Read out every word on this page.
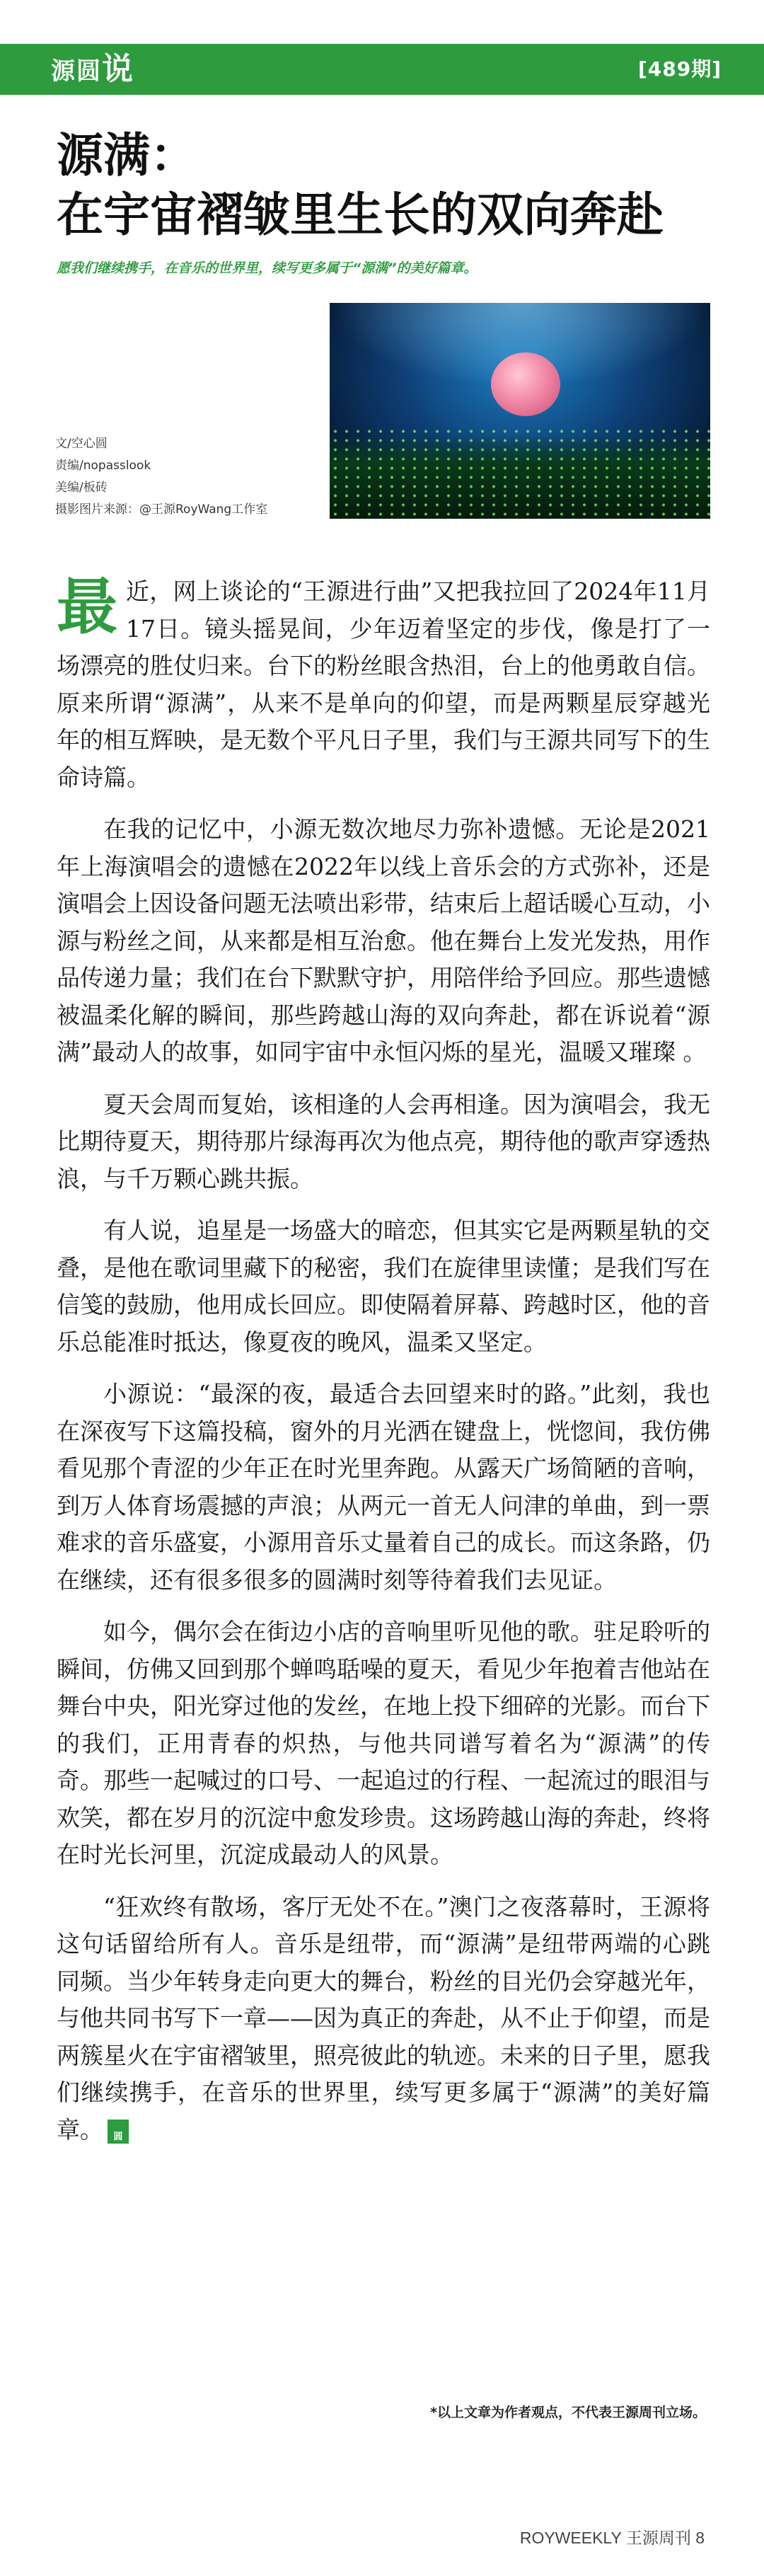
源圆说	[489期]
源满：
在宇宙褶皱里生长的双向奔赴
愿我们继续携手，在音乐的世界里，续写更多属于“源满”的美好篇章。
文/空心圆
责编/nopasslook
美编/板砖
摄影图片来源：@王源RoyWang工作室

最近，网上谈论的“王源进行曲”又把我拉回了2024年11月17日。镜头摇晃间，少年迈着坚定的步伐，像是打了一场漂亮的胜仗归来。台下的粉丝眼含热泪，台上的他勇敢自信。原来所谓“源满”，从来不是单向的仰望，而是两颗星辰穿越光年的相互辉映，是无数个平凡日子里，我们与王源共同写下的生命诗篇。

在我的记忆中，小源无数次地尽力弥补遗憾。无论是2021年上海演唱会的遗憾在2022年以线上音乐会的方式弥补，还是演唱会上因设备问题无法喷出彩带，结束后上超话暖心互动，小源与粉丝之间，从来都是相互治愈。他在舞台上发光发热，用作品传递力量；我们在台下默默守护，用陪伴给予回应。那些遗憾被温柔化解的瞬间，那些跨越山海的双向奔赴，都在诉说着“源满”最动人的故事，如同宇宙中永恒闪烁的星光，温暖又璀璨 。

夏天会周而复始，该相逢的人会再相逢。因为演唱会，我无比期待夏天，期待那片绿海再次为他点亮，期待他的歌声穿透热浪，与千万颗心跳共振。

有人说，追星是一场盛大的暗恋，但其实它是两颗星轨的交叠，是他在歌词里藏下的秘密，我们在旋律里读懂；是我们写在信笺的鼓励，他用成长回应。即使隔着屏幕、跨越时区，他的音乐总能准时抵达，像夏夜的晚风，温柔又坚定。

小源说：“最深的夜，最适合去回望来时的路。”此刻，我也在深夜写下这篇投稿，窗外的月光洒在键盘上，恍惚间，我仿佛看见那个青涩的少年正在时光里奔跑。从露天广场简陋的音响，到万人体育场震撼的声浪；从两元一首无人问津的单曲，到一票难求的音乐盛宴，小源用音乐丈量着自己的成长。而这条路，仍在继续，还有很多很多的圆满时刻等待着我们去见证。

如今，偶尔会在街边小店的音响里听见他的歌。驻足聆听的瞬间，仿佛又回到那个蝉鸣聒噪的夏天，看见少年抱着吉他站在舞台中央，阳光穿过他的发丝，在地上投下细碎的光影。而台下的我们，正用青春的炽热，与他共同谱写着名为“源满”的传奇。那些一起喊过的口号、一起追过的行程、一起流过的眼泪与欢笑，都在岁月的沉淀中愈发珍贵。这场跨越山海的奔赴，终将在时光长河里，沉淀成最动人的风景。

“狂欢终有散场，客厅无处不在。”澳门之夜落幕时，王源将这句话留给所有人。音乐是纽带，而“源满”是纽带两端的心跳同频。当少年转身走向更大的舞台，粉丝的目光仍会穿越光年，与他共同书写下一章——因为真正的奔赴，从不止于仰望，而是两簇星火在宇宙褶皱里，照亮彼此的轨迹。未来的日子里，愿我们继续携手，在音乐的世界里，续写更多属于“源满”的美好篇章。	源圆

*以上文章为作者观点，不代表王源周刊立场。
ROYWEEKLY 王源周刊 8
